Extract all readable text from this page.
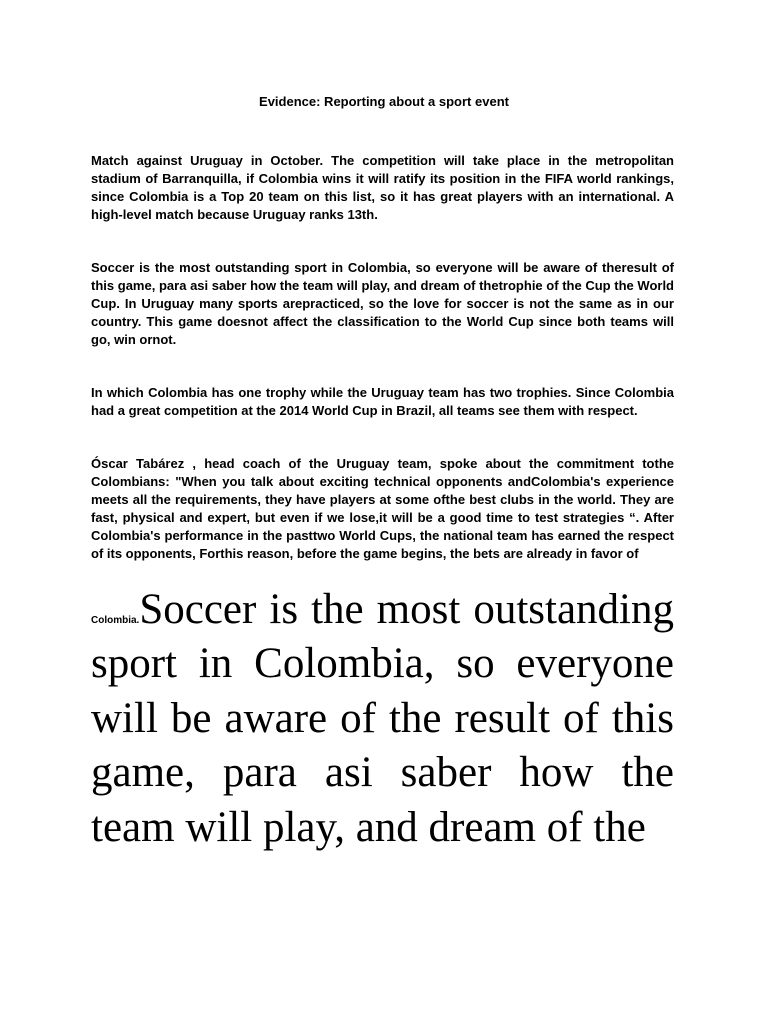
Evidence: Reporting about a sport event

Match against Uruguay in October. The competition will take place in the metropolitan stadium of Barranquilla, if Colombia wins it will ratify its position in the FIFA world rankings, since Colombia is a Top 20 team on this list, so it has great players with an international. A high-level match because Uruguay ranks 13th.

Soccer is the most outstanding sport in Colombia, so everyone will be aware of theresult of this game, para asi saber how the team will play, and dream of thetrophie of the Cup the World Cup. In Uruguay many sports arepracticed, so the love for soccer is not the same as in our country. This game doesnot affect the classification to the World Cup since both teams will go, win ornot.

In which Colombia has one trophy while the Uruguay team has two trophies. Since Colombia had a great competition at the 2014 World Cup in Brazil, all teams see them with respect.

Óscar Tabárez , head coach of the Uruguay team, spoke about the commitment tothe Colombians: "When you talk about exciting technical opponents andColombia's experience meets all the requirements, they have players at some ofthe best clubs in the world. They are fast, physical and expert, but even if we lose,it will be a good time to test strategies “. After Colombia's performance in the pasttwo World Cups, the national team has earned the respect of its opponents, Forthis reason, before the game begins, the bets are already in favor of

Colombia.Soccer is the most outstanding sport in Colombia, so everyone will be aware of the result of this game, para asi saber how the team will play, and dream of the
